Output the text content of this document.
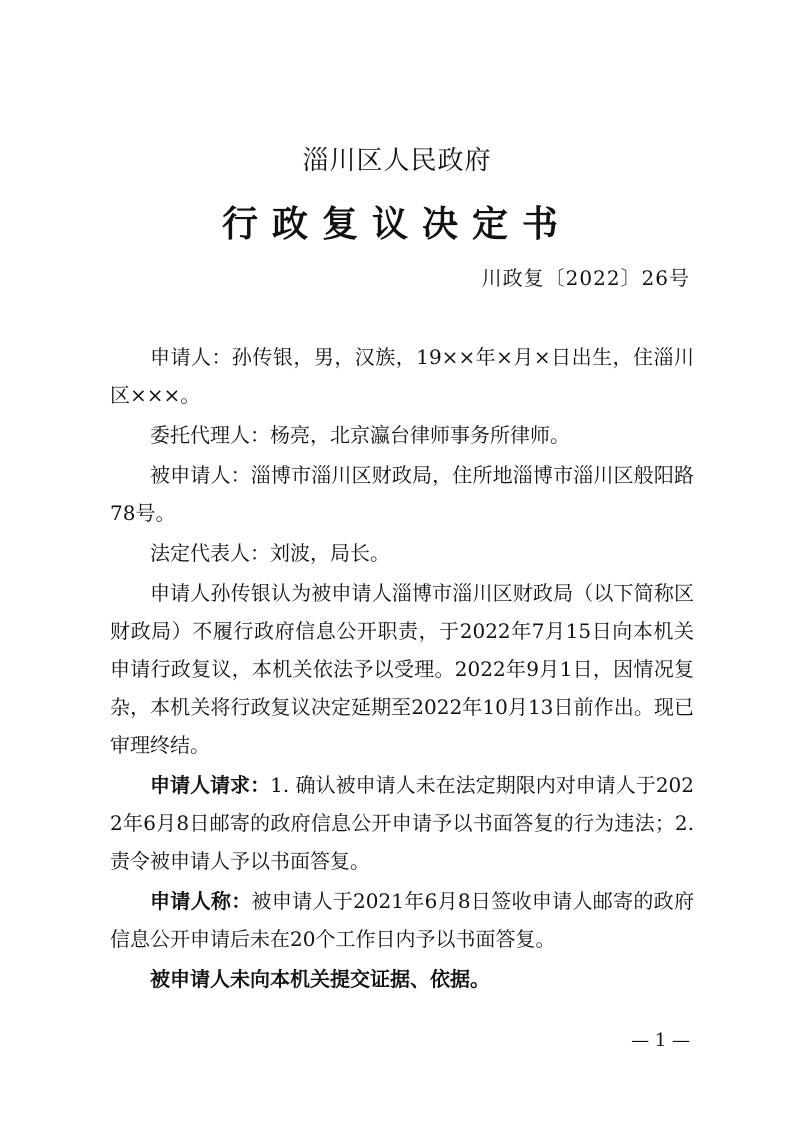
淄川区人民政府
行政复议决定书
川政复〔2022〕26号

申请人：孙传银，男，汉族，19××年×月×日出生，住淄川区×××。

委托代理人：杨亮，北京瀛台律师事务所律师。

被申请人：淄博市淄川区财政局，住所地淄博市淄川区般阳路78号。

法定代表人：刘波，局长。

申请人孙传银认为被申请人淄博市淄川区财政局（以下简称区财政局）不履行政府信息公开职责，于2022年7月15日向本机关申请行政复议，本机关依法予以受理。2022年9月1日，因情况复杂，本机关将行政复议决定延期至2022年10月13日前作出。现已审理终结。

申请人请求：1. 确认被申请人未在法定期限内对申请人于2022年6月8日邮寄的政府信息公开申请予以书面答复的行为违法；2. 责令被申请人予以书面答复。

申请人称：被申请人于2021年6月8日签收申请人邮寄的政府信息公开申请后未在20个工作日内予以书面答复。

被申请人未向本机关提交证据、依据。

— 1 —
